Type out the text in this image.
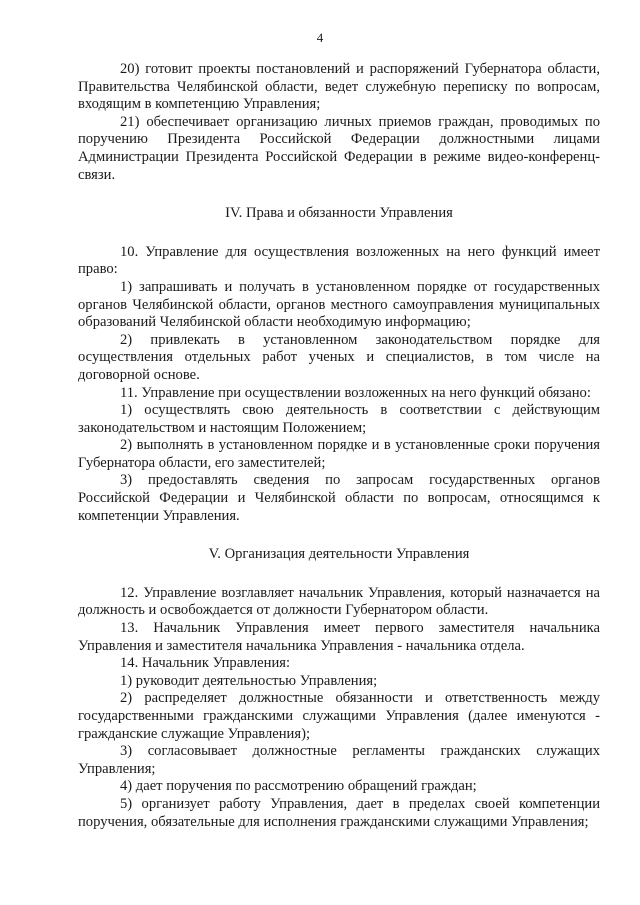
4

20) готовит проекты постановлений и распоряжений Губернатора области, Правительства Челябинской области, ведет служебную переписку по вопросам, входящим в компетенцию Управления;

21) обеспечивает организацию личных приемов граждан, проводимых по поручению Президента Российской Федерации должностными лицами Администрации Президента Российской Федерации в режиме видео-конференц-связи.

IV. Права и обязанности Управления

10. Управление для осуществления возложенных на него функций имеет право:

1) запрашивать и получать в установленном порядке от государственных органов Челябинской области, органов местного самоуправления муниципальных образований Челябинской области необходимую информацию;

2) привлекать в установленном законодательством порядке для осуществления отдельных работ ученых и специалистов, в том числе на договорной основе.

11. Управление при осуществлении возложенных на него функций обязано:

1) осуществлять свою деятельность в соответствии с действующим законодательством и настоящим Положением;

2) выполнять в установленном порядке и в установленные сроки поручения Губернатора области, его заместителей;

3) предоставлять сведения по запросам государственных органов Российской Федерации и Челябинской области по вопросам, относящимся к компетенции Управления.

V. Организация деятельности Управления

12. Управление возглавляет начальник Управления, который назначается на должность и освобождается от должности Губернатором области.

13. Начальник Управления имеет первого заместителя начальника Управления и заместителя начальника Управления - начальника отдела.

14. Начальник Управления:

1) руководит деятельностью Управления;

2) распределяет должностные обязанности и ответственность между государственными гражданскими служащими Управления (далее именуются - гражданские служащие Управления);

3) согласовывает должностные регламенты гражданских служащих Управления;

4) дает поручения по рассмотрению обращений граждан;

5) организует работу Управления, дает в пределах своей компетенции поручения, обязательные для исполнения гражданскими служащими Управления;
